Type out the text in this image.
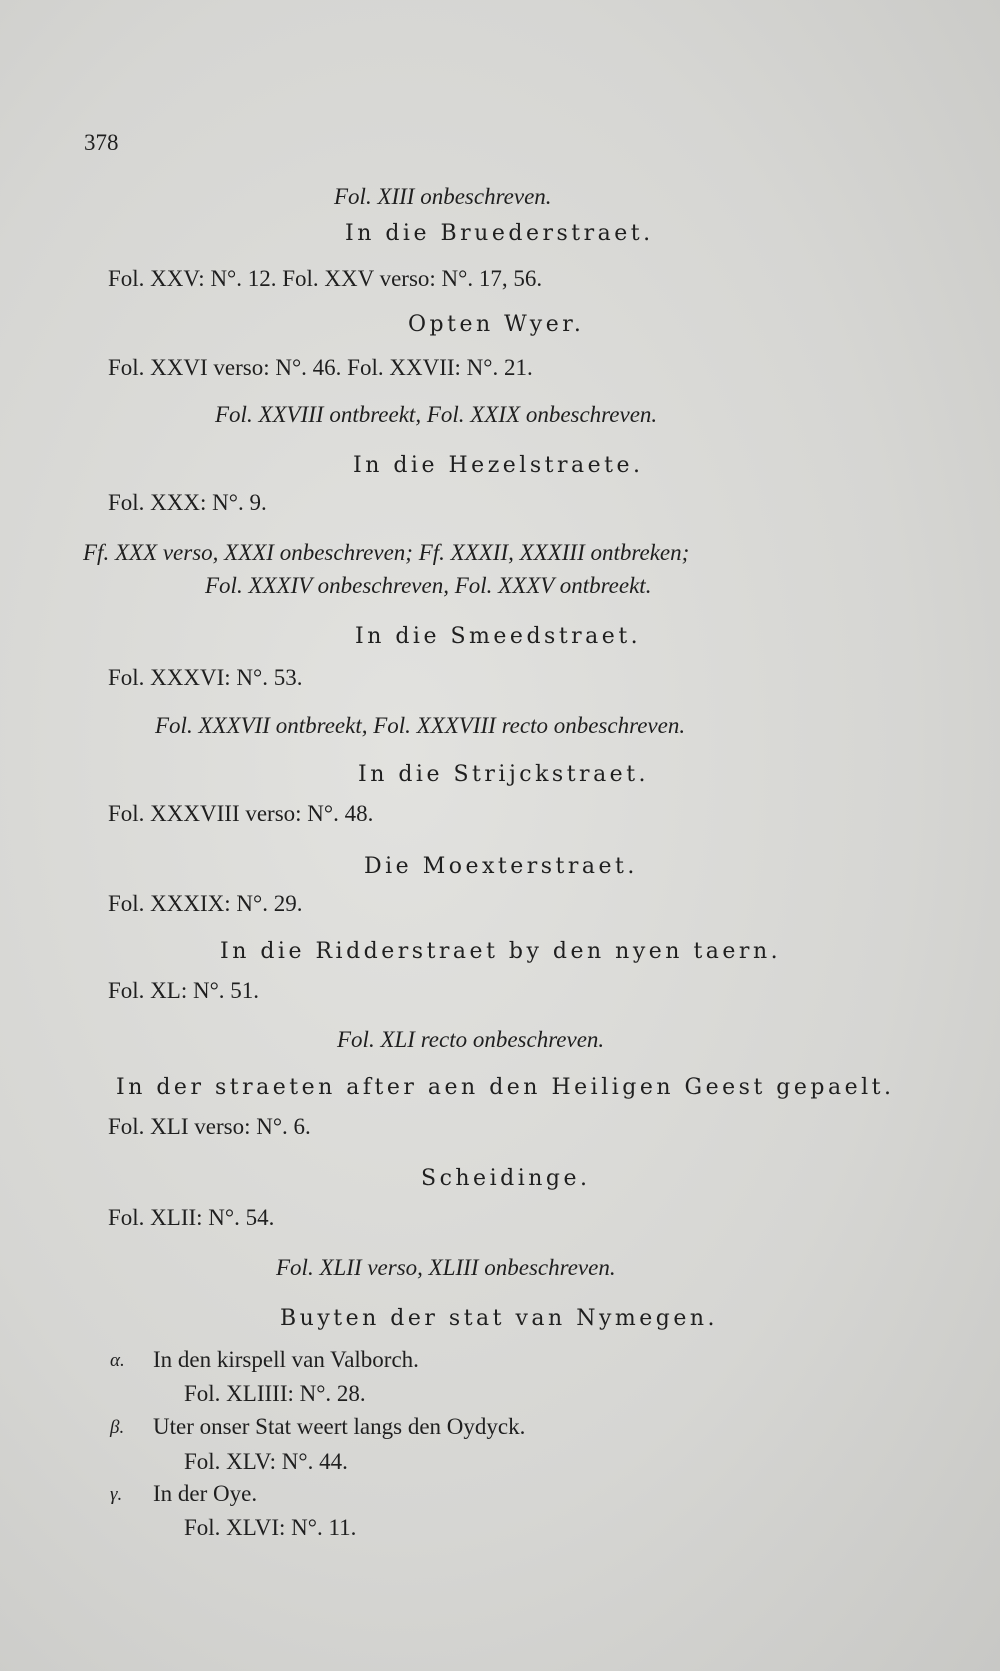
378
Fol. XIII onbeschreven.
In die Bruederstraet.
Fol. XXV: N°. 12. Fol. XXV verso: N°. 17, 56.
Opten Wyer.
Fol. XXVI verso: N°. 46. Fol. XXVII: N°. 21.
Fol. XXVIII ontbreekt, Fol. XXIX onbeschreven.
In die Hezelstraete.
Fol. XXX: N°. 9.
Ff. XXX verso, XXXI onbeschreven; Ff. XXXII, XXXIII ontbreken;
Fol. XXXIV onbeschreven, Fol. XXXV ontbreekt.
In die Smeedstraet.
Fol. XXXVI: N°. 53.
Fol. XXXVII ontbreekt, Fol. XXXVIII recto onbeschreven.
In die Strijckstraet.
Fol. XXXVIII verso: N°. 48.
Die Moexterstraet.
Fol. XXXIX: N°. 29.
In die Ridderstraet by den nyen taern.
Fol. XL: N°. 51.
Fol. XLI recto onbeschreven.
In der straeten after aen den Heiligen Geest gepaelt.
Fol. XLI verso: N°. 6.
Scheidinge.
Fol. XLII: N°. 54.
Fol. XLII verso, XLIII onbeschreven.
Buyten der stat van Nymegen.
α. In den kirspell van Valborch.
Fol. XLIIII: N°. 28.
β. Uter onser Stat weert langs den Oydyck.
Fol. XLV: N°. 44.
γ. In der Oye.
Fol. XLVI: N°. 11.
